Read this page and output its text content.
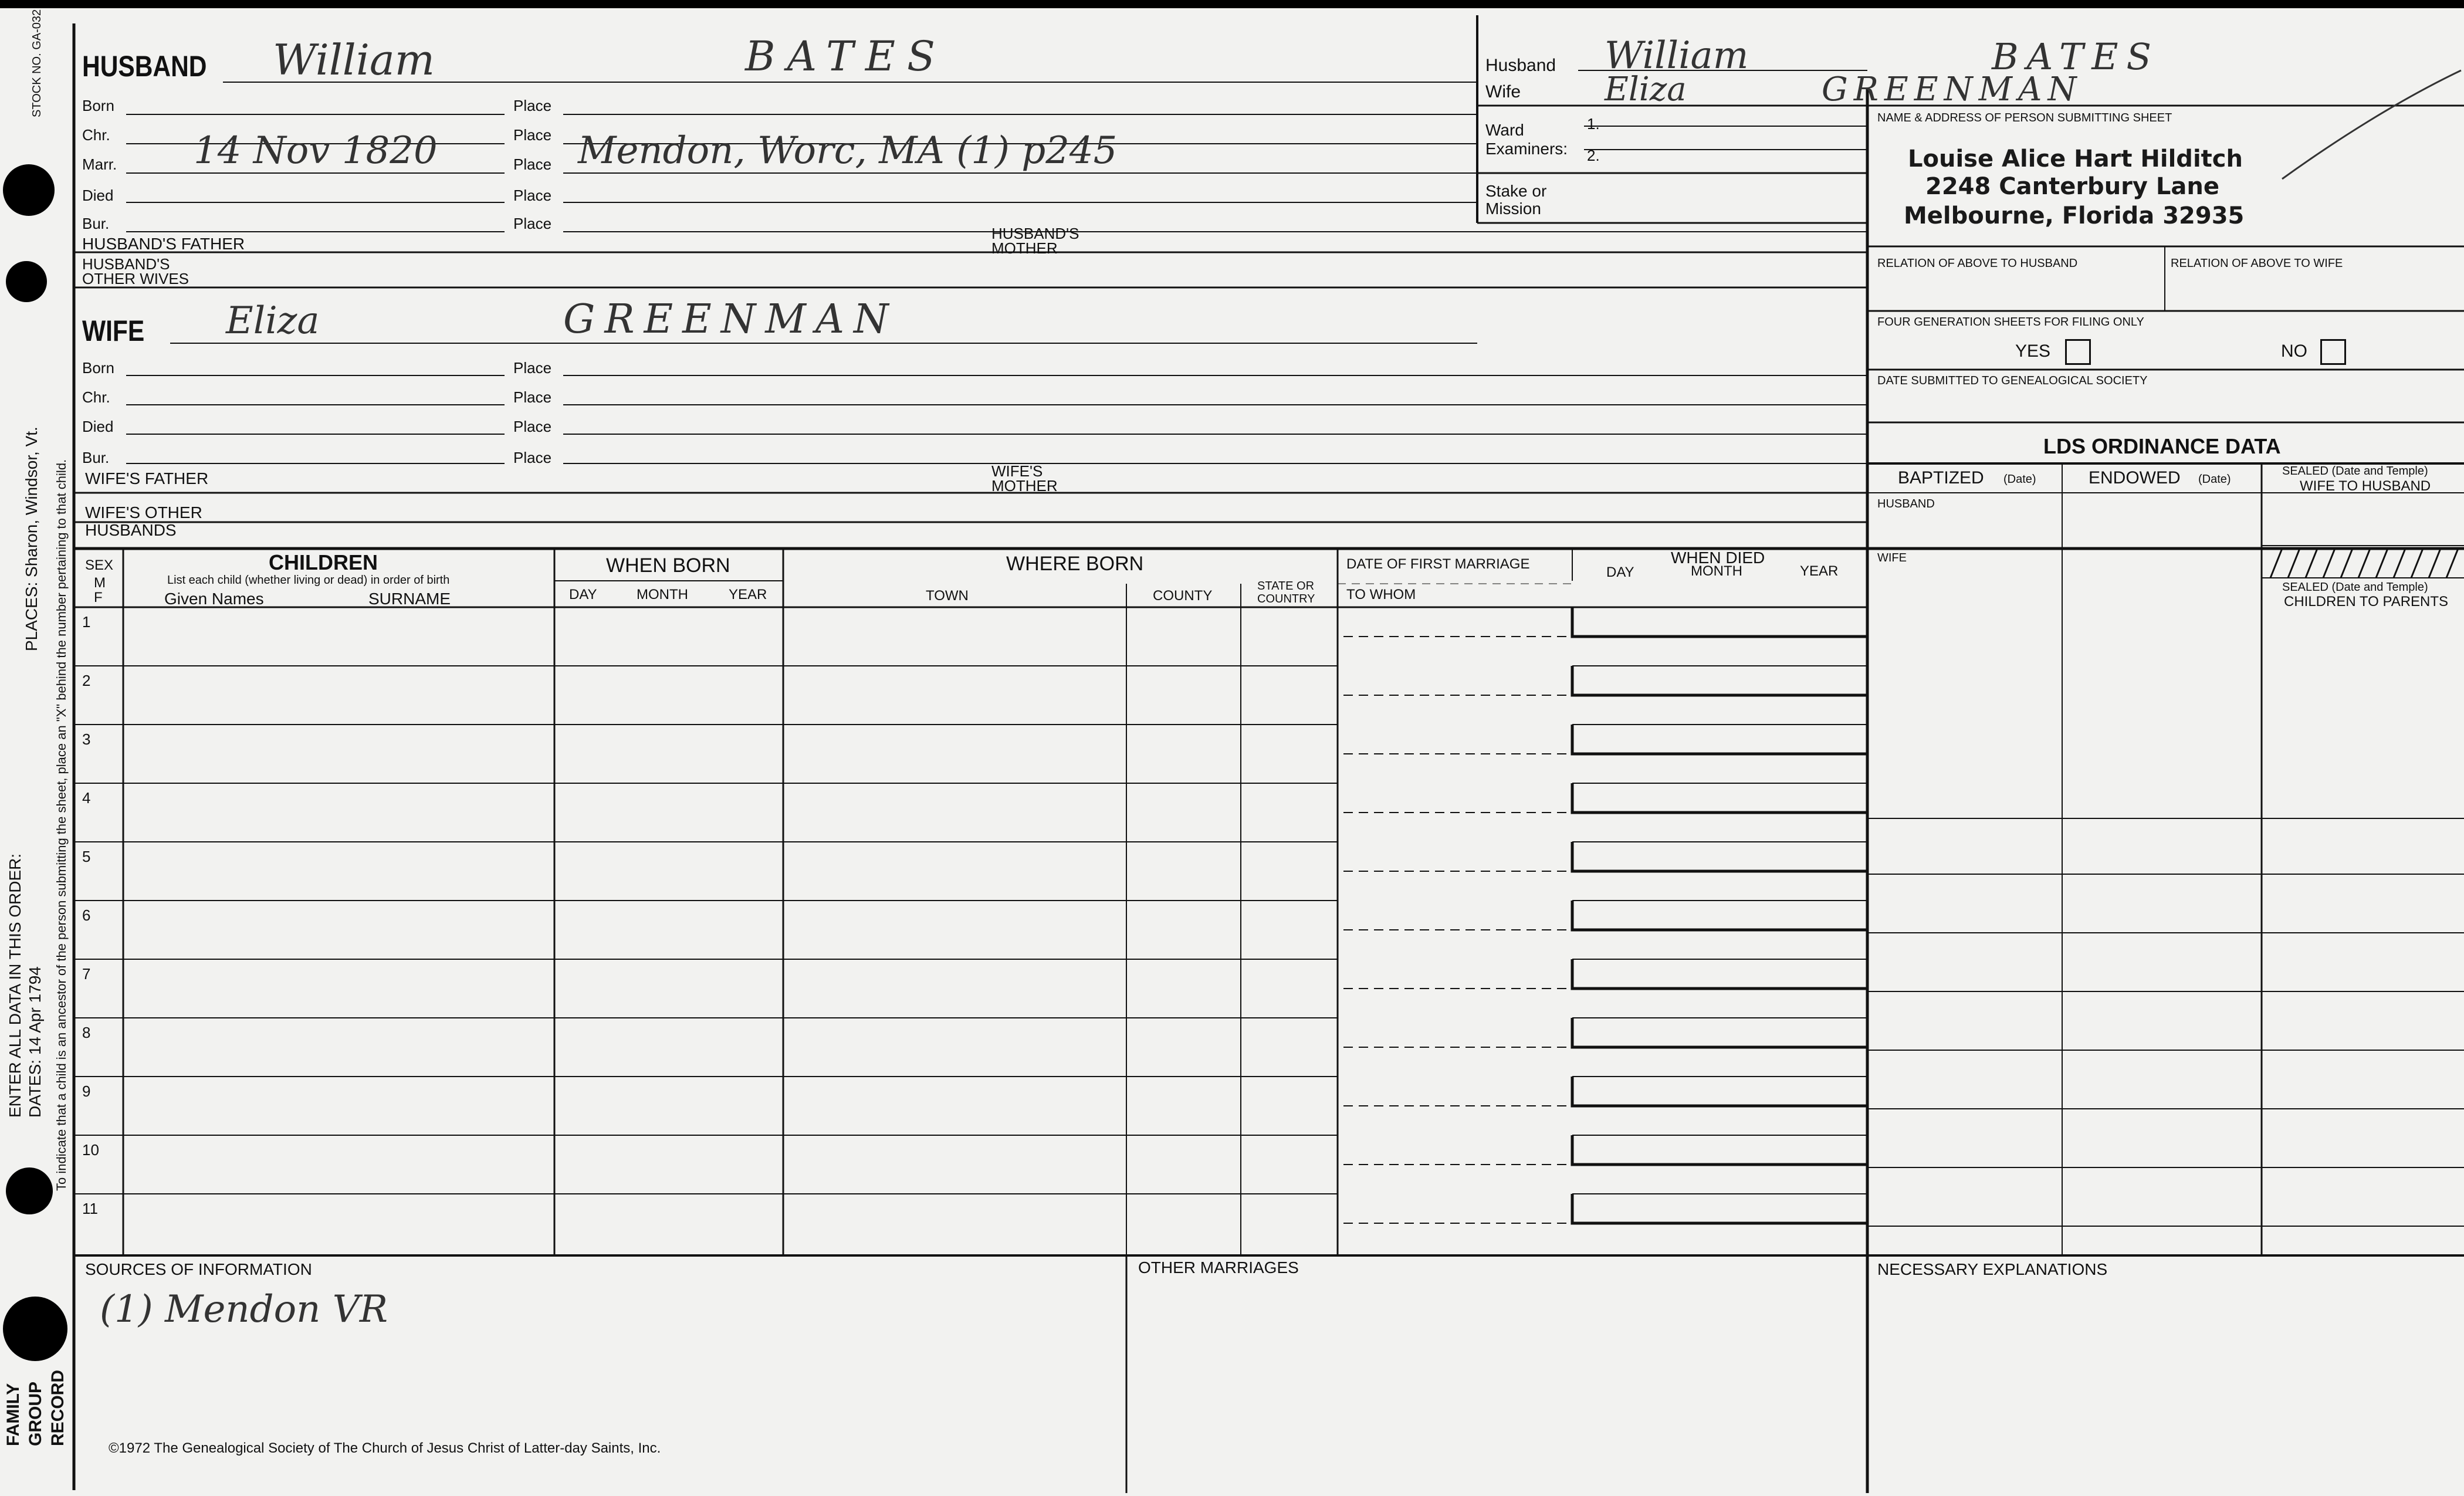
STOCK NO. GA-032
PLACES: Sharon, Windsor, Vt. To indicate that a child is an ancestor of the person submitting the sheet, place an "X" behind the number pertaining to that child.
ENTER ALL DATA IN THIS ORDER: DATES: 14 Apr 1794
FAMILY GROUP RECORD
HUSBAND William	BATES
Born	Place
Chr.	Place
Marr. 14 Nov 1820	Place Mendon, Worc, MA (1) p245
Died	Place
Bur.	Place
HUSBAND'S FATHER
HUSBAND'S
MOTHER
HUSBAND'S
OTHER WIVES
WIFE Eliza	GREENMAN
Born	Place
Chr.	Place
Died	Place
Bur.	Place
WIFE'S FATHER	WIFE'S
MOTHER
WIFE'S OTHER
HUSBANDS
Husband William	BATES
Wife	Eliza	GREENMAN
Ward
Examiners:
1.
2.
Stake or
Mission
NAME & ADDRESS OF PERSON SUBMITTING SHEET
Louise Alice Hart Hilditch
2248 Canterbury Lane
Melbourne, Florida 32935
RELATION OF ABOVE TO HUSBAND	RELATION OF ABOVE TO WIFE
FOUR GENERATION SHEETS FOR FILING ONLY
YES	NO
DATE SUBMITTED TO GENEALOGICAL SOCIETY
LDS ORDINANCE DATA
BAPTIZED (Date)	ENDOWED (Date)
SEALED (Date and Temple)
WIFE TO HUSBAND
HUSBAND
WIFE
SEALED (Date and Temple)
CHILDREN TO PARENTS
SEX
M
F
CHILDREN
List each child (whether living or dead) in order of birth
Given Names	SURNAME
WHEN BORN
DAY	MONTH	YEAR
WHERE BORN
TOWN	COUNTY
STATE OR
COUNTRY
DATE OF FIRST MARRIAGE
TO WHOM
WHEN DIED
DAY	MONTH	YEAR
1
2
3
4
5
6
7
8
9
10
11
SOURCES OF INFORMATION
(1) Mendon VR
OTHER MARRIAGES	NECESSARY EXPLANATIONS
©1972 The Genealogical Society of The Church of Jesus Christ of Latter-day Saints, Inc.
